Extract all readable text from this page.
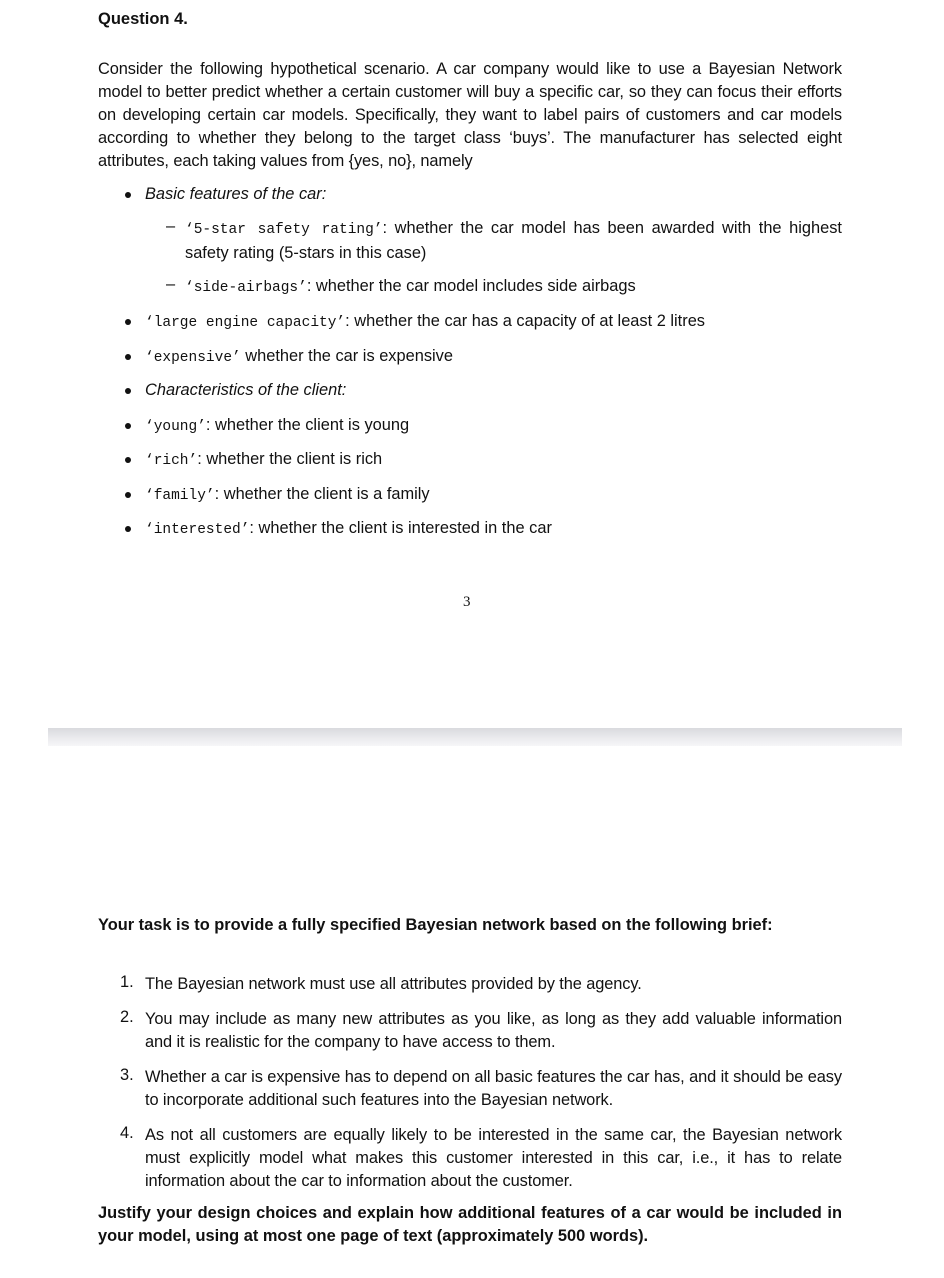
Question 4.
Consider the following hypothetical scenario. A car company would like to use a Bayesian Network model to better predict whether a certain customer will buy a specific car, so they can focus their efforts on developing certain car models. Specifically, they want to label pairs of customers and car models according to whether they belong to the target class ‘buys’. The manufacturer has selected eight attributes, each taking values from {yes, no}, namely
Basic features of the car:
– ‘5-star safety rating’: whether the car model has been awarded with the highest safety rating (5-stars in this case)
– ‘side-airbags’: whether the car model includes side airbags
‘large engine capacity’: whether the car has a capacity of at least 2 litres
‘expensive’ whether the car is expensive
Characteristics of the client:
‘young’: whether the client is young
‘rich’: whether the client is rich
‘family’: whether the client is a family
‘interested’: whether the client is interested in the car
3
Your task is to provide a fully specified Bayesian network based on the following brief:
1. The Bayesian network must use all attributes provided by the agency.
2. You may include as many new attributes as you like, as long as they add valuable information and it is realistic for the company to have access to them.
3. Whether a car is expensive has to depend on all basic features the car has, and it should be easy to incorporate additional such features into the Bayesian network.
4. As not all customers are equally likely to be interested in the same car, the Bayesian network must explicitly model what makes this customer interested in this car, i.e., it has to relate information about the car to information about the customer.
Justify your design choices and explain how additional features of a car would be included in your model, using at most one page of text (approximately 500 words).
